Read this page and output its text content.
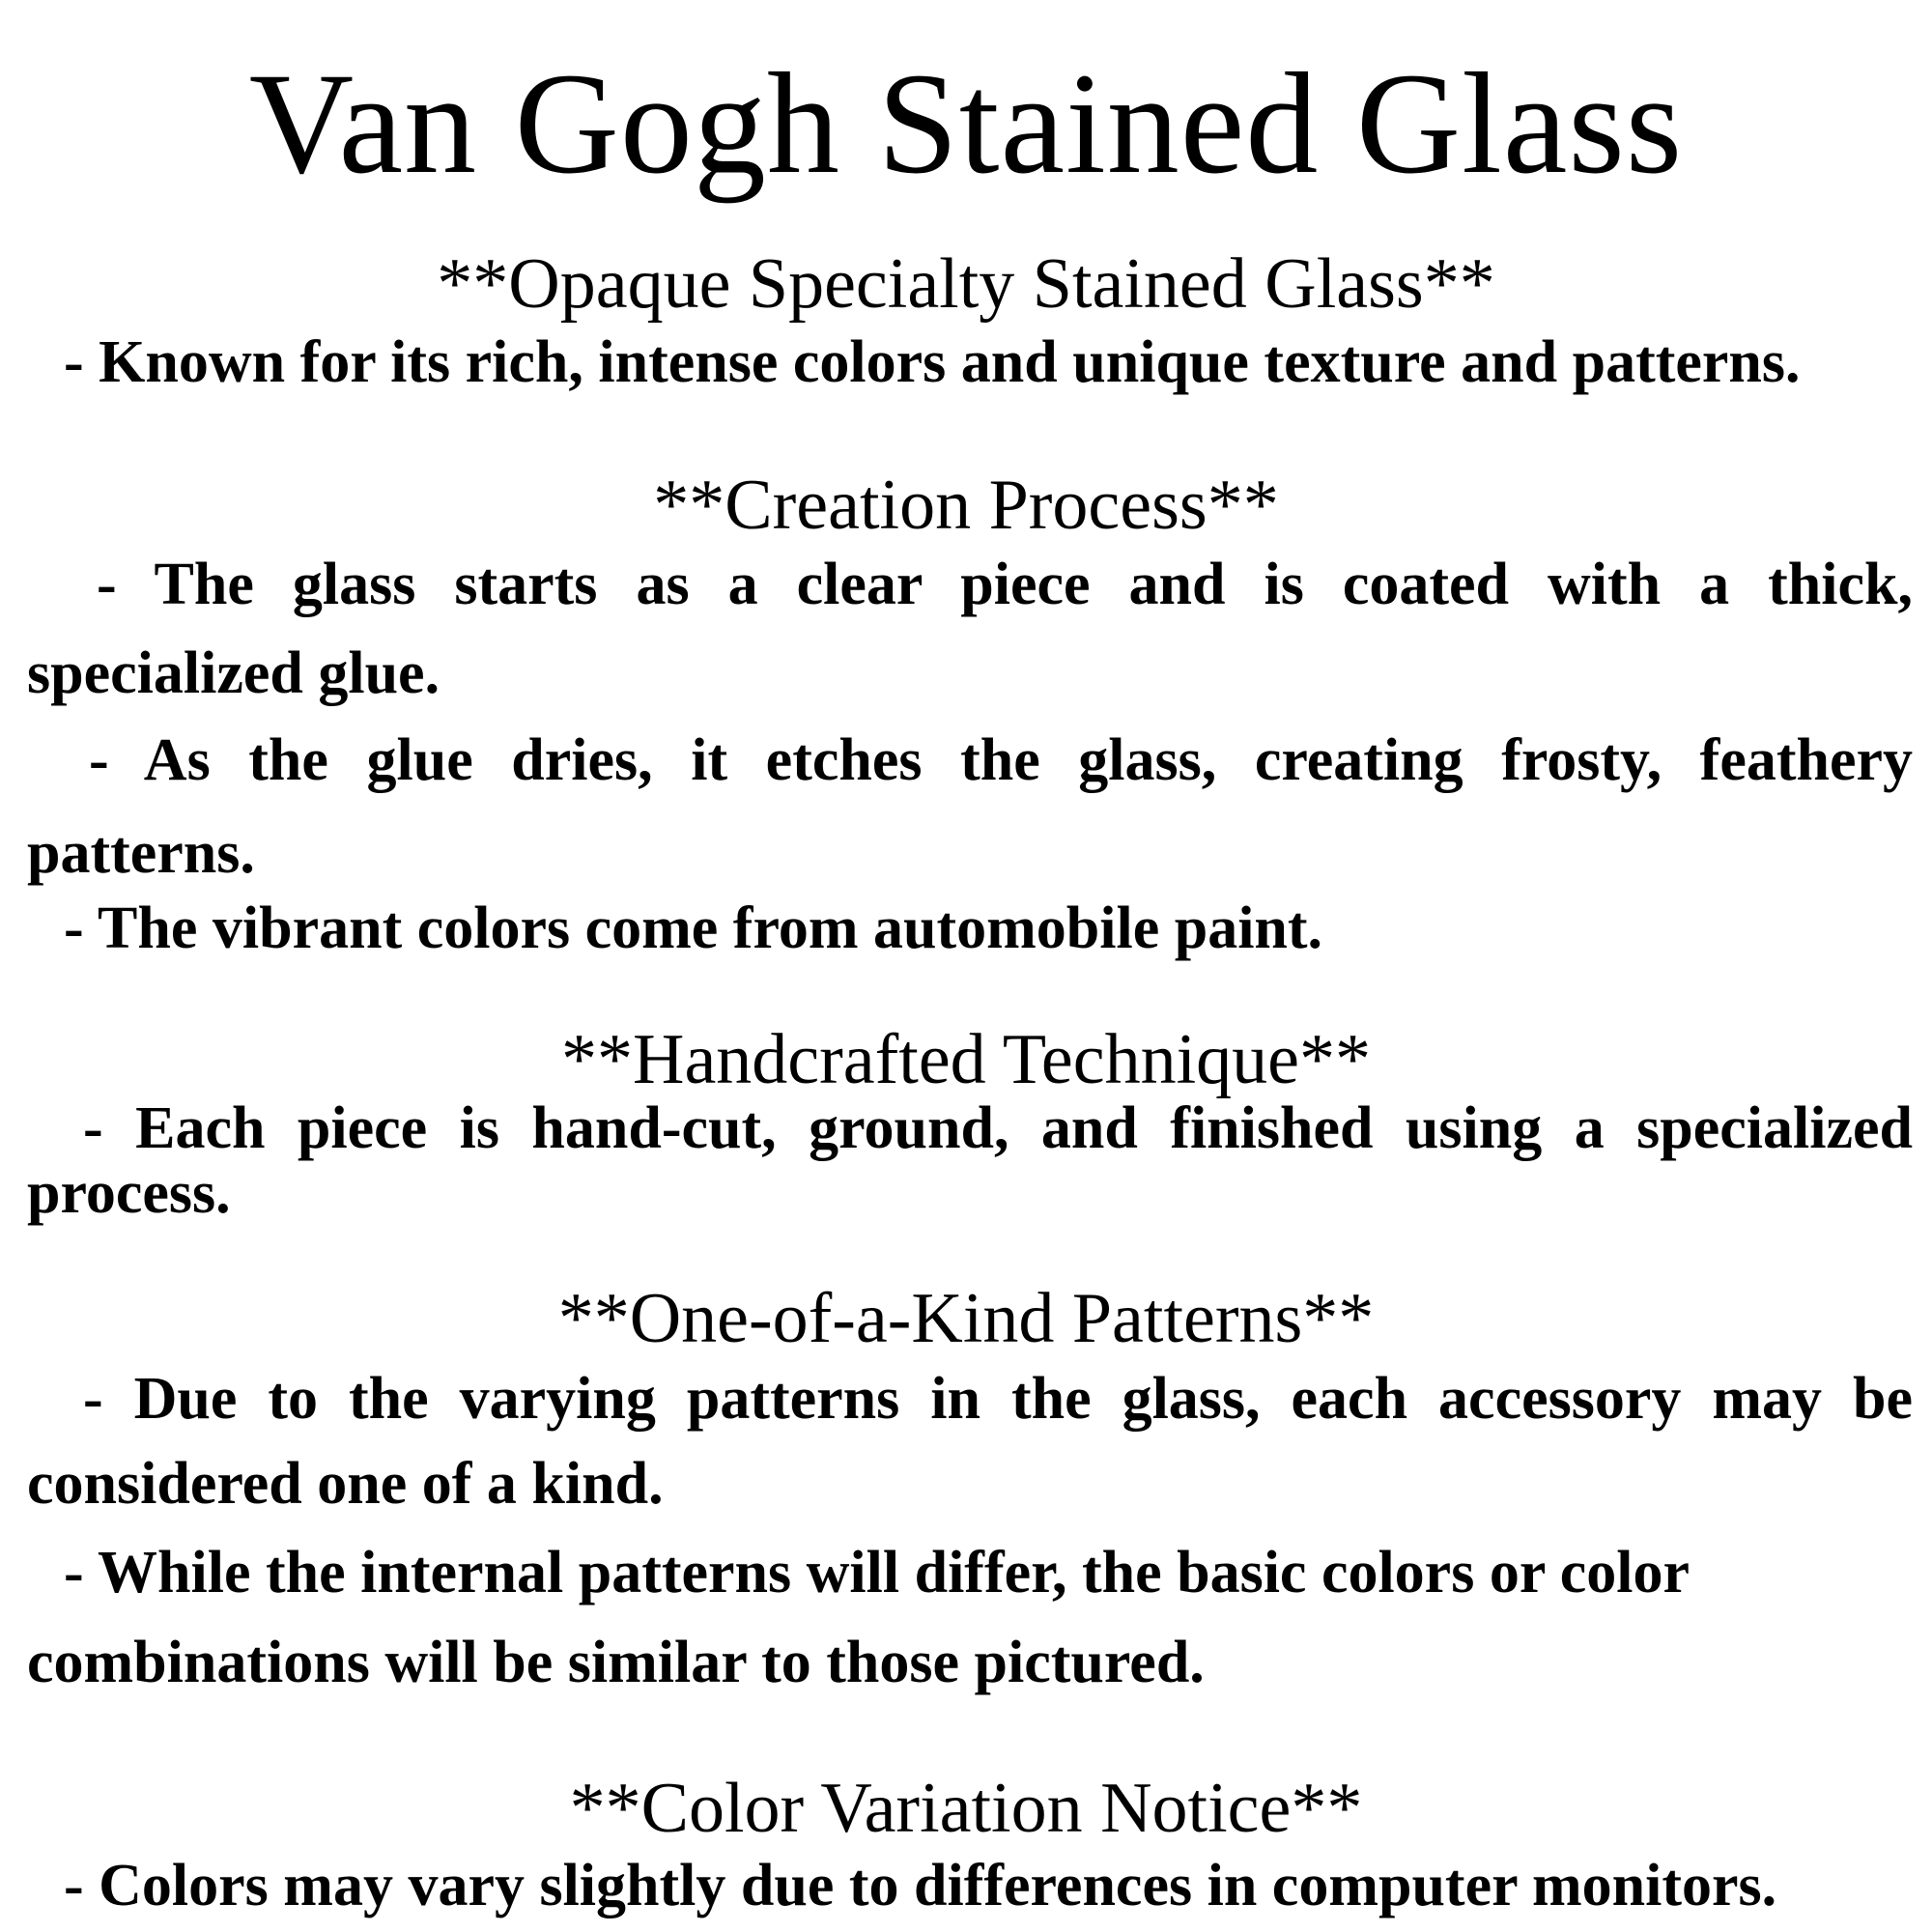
Van Gogh Stained Glass
**Opaque Specialty Stained Glass**
- Known for its rich, intense colors and unique texture and patterns.
**Creation Process**
- The glass starts as a clear piece and is coated with a thick,
specialized glue.
- As the glue dries, it etches the glass, creating frosty, feathery
patterns.
- The vibrant colors come from automobile paint.
**Handcrafted Technique**
- Each piece is hand-cut, ground, and finished using a specialized
process.
**One-of-a-Kind Patterns**
- Due to the varying patterns in the glass, each accessory may be
considered one of a kind.
- While the internal patterns will differ, the basic colors or color
combinations will be similar to those pictured.
**Color Variation Notice**
- Colors may vary slightly due to differences in computer monitors.
